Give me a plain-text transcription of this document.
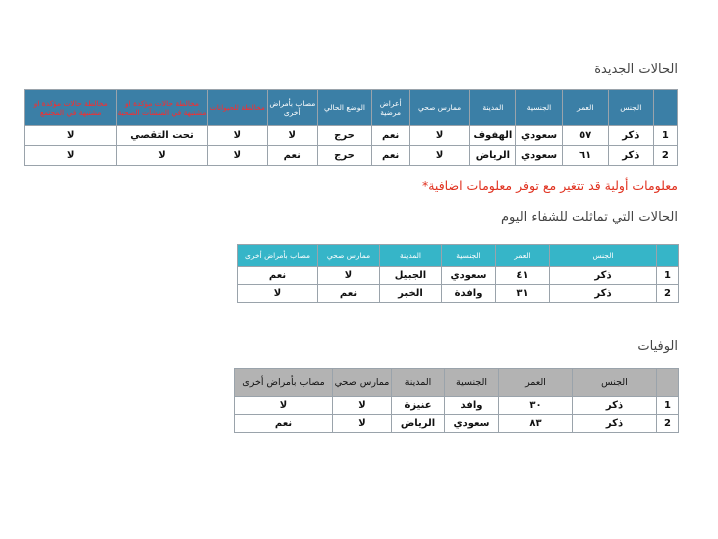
الحالات الجديدة
	الجنس	العمر	الجنسية	المدينة	ممارس صحي	أعراض مرضية	الوضع الحالي	مصاب بأمراض أخرى	مخالطة للحيوانات	مخالطة حالات مؤكدة او مشتبهة في المنشآت الصحية	مخالطة حالات مؤكدة او مشتبهة في المجتمع
1	ذكر	٥٧	سعودي	الهفوف	لا	نعم	حرج	لا	لا	تحت التقصي	لا
2	ذكر	٦١	سعودي	الرياض	لا	نعم	حرج	نعم	لا	لا	لا
معلومات أولية قد تتغير مع توفر معلومات اضافية*
الحالات التي تماثلت للشفاء اليوم
	الجنس	العمر	الجنسية	المدينة	ممارس صحي	مصاب بأمراض أخرى
1	ذكر	٤١	سعودي	الجبيل	لا	نعم
2	ذكر	٣١	وافدة	الخبر	نعم	لا
الوفيات
	الجنس	العمر	الجنسية	المدينة	ممارس صحي	مصاب بأمراض أخرى
1	ذكر	٣٠	وافد	عنيزة	لا	لا
2	ذكر	٨٣	سعودي	الرياض	لا	نعم
